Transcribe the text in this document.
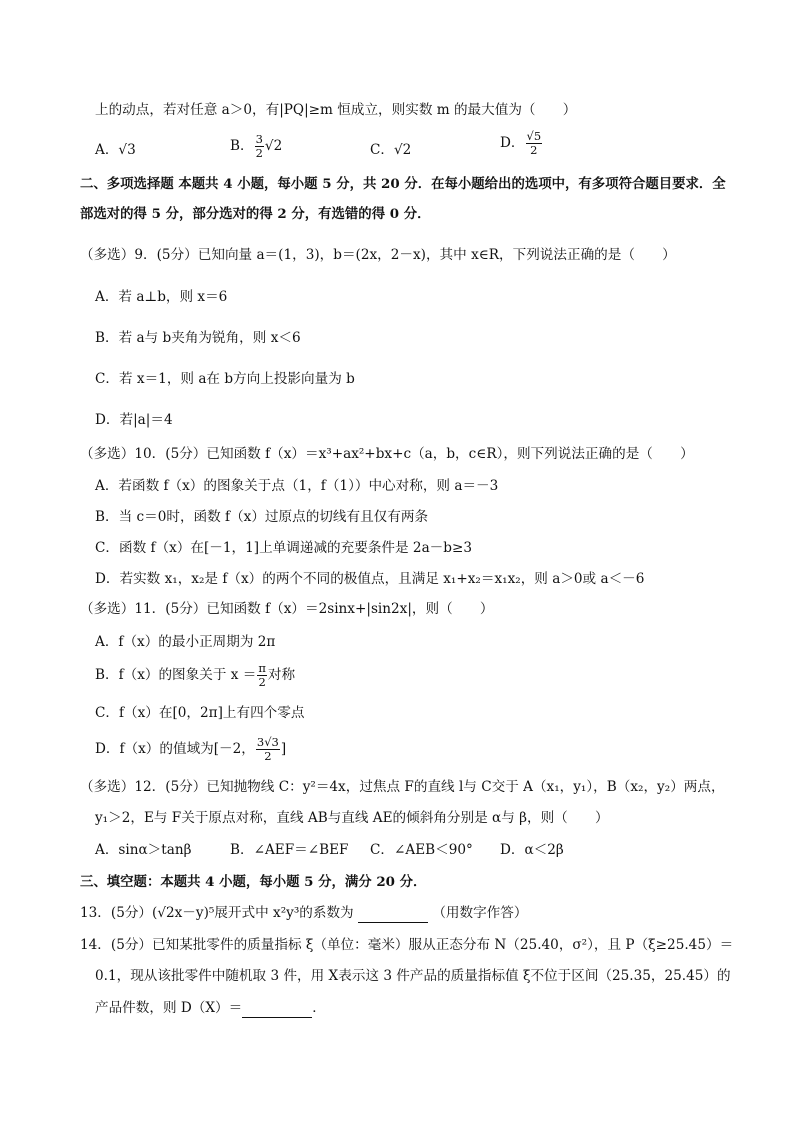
上的动点，若对任意 a＞0，有|PQ|≥m 恒成立，则实数 m 的最大值为（　　）
A．√3	B． $\frac{3}{2} √2$	C．√2	D． $\frac{√5}{2}$
二、多项选择题 本题共 4 小题，每小题 5 分，共 20 分．在每小题给出的选项中，有多项符合题目要求．全
部选对的得 5 分，部分选对的得 2 分，有选错的得 0 分．
（多选）9．(5分）已知向量 a＝(1，3)，b＝(2x，2－x)，其中 x∈R，下列说法正确的是（　　）
A．若 a⊥b，则 x＝6
B．若 a与 b夹角为锐角，则 x＜6
C．若 x＝1，则 a在 b方向上投影向量为 b
D．若|a|＝4
（多选）10．(5分）已知函数 f（x）＝x³+ax²+bx+c（a，b，c∈R），则下列说法正确的是（　　）
A．若函数 f（x）的图象关于点（1，f（1））中心对称，则 a＝－3
B．当 c＝0时，函数 f（x）过原点的切线有且仅有两条
C．函数 f（x）在[－1，1]上单调递减的充要条件是 2a－b≥3
D．若实数 x₁，x₂是 f（x）的两个不同的极值点，且满足 x₁+x₂＝x₁x₂，则 a＞0或 a＜－6
（多选）11．(5分）已知函数 f（x）＝2sinx+|sin2x|，则（　　）
A．f（x）的最小正周期为 2π
B．f（x）的图象关于 $x = \frac{\pi}{2}$ 对称
C．f（x）在[0，2π]上有四个零点
D．f（x）的值域为[－2， $\frac{3√3}{2}$ ]
（多选）12．(5分）已知抛物线 C：y²＝4x，过焦点 F的直线 l与 C交于 A（x₁，y₁），B（x₂，y₂）两点，
y₁＞2，E与 F关于原点对称，直线 AB与直线 AE的倾斜角分别是 α与 β，则（　　）
A．sinα＞tanβ	B．∠AEF＝∠BEF C．∠AEB＜90° D．α＜2β
三、填空题：本题共 4 小题，每小题 5 分，满分 20 分．
13．(5分）(√2x－y)⁵展开式中 x²y³的系数为	（用数字作答）
14．(5分）已知某批零件的质量指标 ξ（单位：毫米）服从正态分布 N（25.40，σ²），且 P（ξ≥25.45）＝
0.1，现从该批零件中随机取 3 件，用 X表示这 3 件产品的质量指标值 ξ不位于区间（25.35，25.45）的
产品件数，则 D（X）＝	．
